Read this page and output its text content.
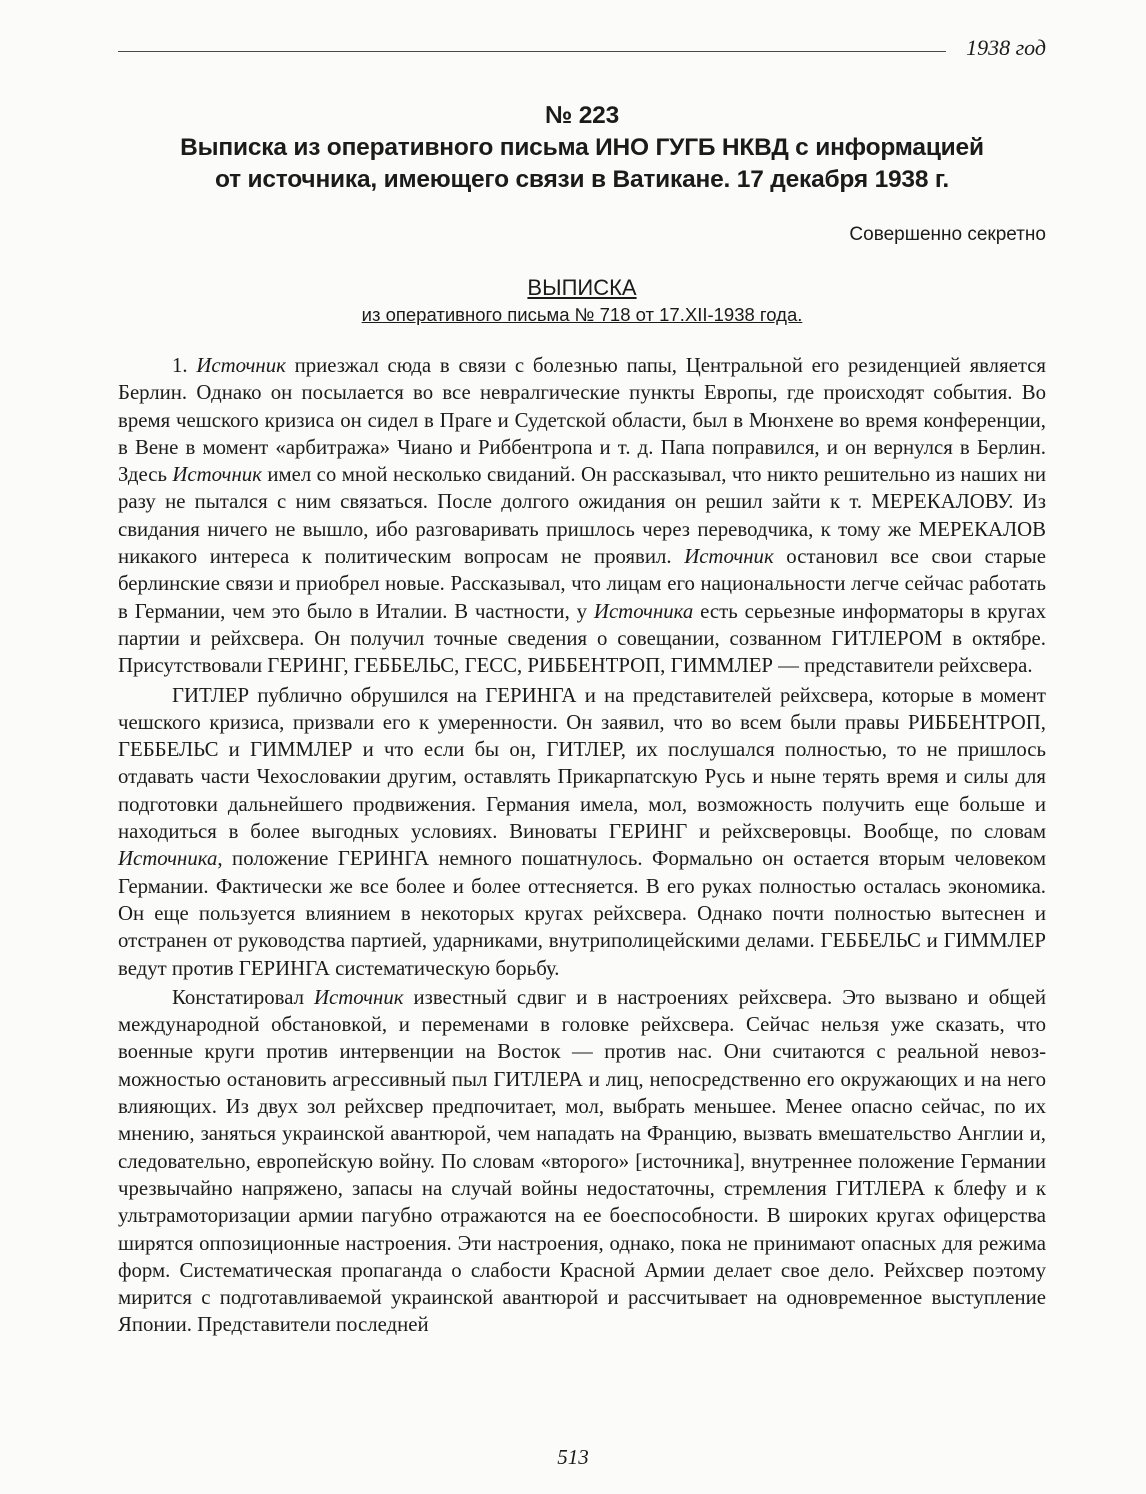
1938 год
№ 223
Выписка из оперативного письма ИНО ГУГБ НКВД с информацией
от источника, имеющего связи в Ватикане. 17 декабря 1938 г.
Совершенно секретно
ВЫПИСКА
из оперативного письма № 718 от 17.XII-1938 года.

1. Источник приезжал сюда в связи с болезнью папы, Центральной его резиденцией является Берлин. Однако он посылается во все невралгические пункты Европы, где происходят события. Во время чешского кризиса он сидел в Праге и Судетской области, был в Мюнхене во время конференции, в Вене в момент «арбитража» Чиано и Риббентропа и т. д. Папа поправился, и он вернулся в Берлин. Здесь Источник имел со мной несколько свиданий. Он рассказывал, что никто решительно из наших ни разу не пытался с ним связаться. После долгого ожидания он решил зайти к т. МЕРЕКАЛОВУ. Из свидания ничего не вышло, ибо разговаривать пришлось через переводчика, к тому же МЕРЕКАЛОВ никакого интереса к политическим вопросам не проявил. Источник остановил все свои старые берлинские связи и приобрел новые. Рассказывал, что лицам его национальности легче сейчас работать в Германии, чем это было в Италии. В частности, у Источника есть серьезные информаторы в кругах партии и рейхсвера. Он получил точные сведения о совещании, созванном ГИТЛЕРОМ в октябре. Присутствовали ГЕРИНГ, ГЕББЕЛЬС, ГЕСС, РИББЕНТРОП, ГИММЛЕР — представители рейхсвера.

ГИТЛЕР публично обрушился на ГЕРИНГА и на представителей рейхсвера, которые в момент чешского кризиса, призвали его к умеренности. Он заявил, что во всем были правы РИББЕНТРОП, ГЕББЕЛЬС и ГИММЛЕР и что если бы он, ГИТЛЕР, их послушался полностью, то не пришлось отдавать части Чехословакии другим, оставлять Прикарпатскую Русь и ныне терять время и силы для подготовки дальнейшего продвижения. Германия имела, мол, возможность получить еще больше и находиться в более выгодных условиях. Виноваты ГЕРИНГ и рейхсверовцы. Вообще, по словам Источника, положение ГЕРИНГА немного пошатнулось. Формально он остается вторым человеком Германии. Фактически же все более и более оттесняется. В его руках полностью осталась экономика. Он еще пользуется влиянием в некоторых кругах рейхсвера. Однако почти полностью вытеснен и отстранен от руководства партией, ударниками, внутриполицейскими делами. ГЕББЕЛЬС и ГИММЛЕР ведут против ГЕРИНГА систематическую борьбу.

Констатировал Источник известный сдвиг и в настроениях рейхсвера. Это вызвано и общей международной обстановкой, и переменами в головке рейхсвера. Сейчас нельзя уже сказать, что военные круги против интервенции на Восток — против нас. Они считаются с реальной невозможностью остановить агрессивный пыл ГИТЛЕРА и лиц, непосредственно его окружающих и на него влияющих. Из двух зол рейхсвер предпочитает, мол, выбрать меньшее. Менее опасно сейчас, по их мнению, заняться украинской авантюрой, чем нападать на Францию, вызвать вмешательство Англии и, следовательно, европейскую войну. По словам «второго» [источника], внутреннее положение Германии чрезвычайно напряжено, запасы на случай войны недостаточны, стремления ГИТЛЕРА к блефу и к ультрамоторизации армии пагубно отражаются на ее боеспособности. В широких кругах офицерства ширятся оппозиционные настроения. Эти настроения, однако, пока не принимают опасных для режима форм. Систематическая пропаганда о слабости Красной Армии делает свое дело. Рейхсвер поэтому мирится с подготавливаемой украинской авантюрой и рассчитывает на одновременное выступление Японии. Представители последней

513
